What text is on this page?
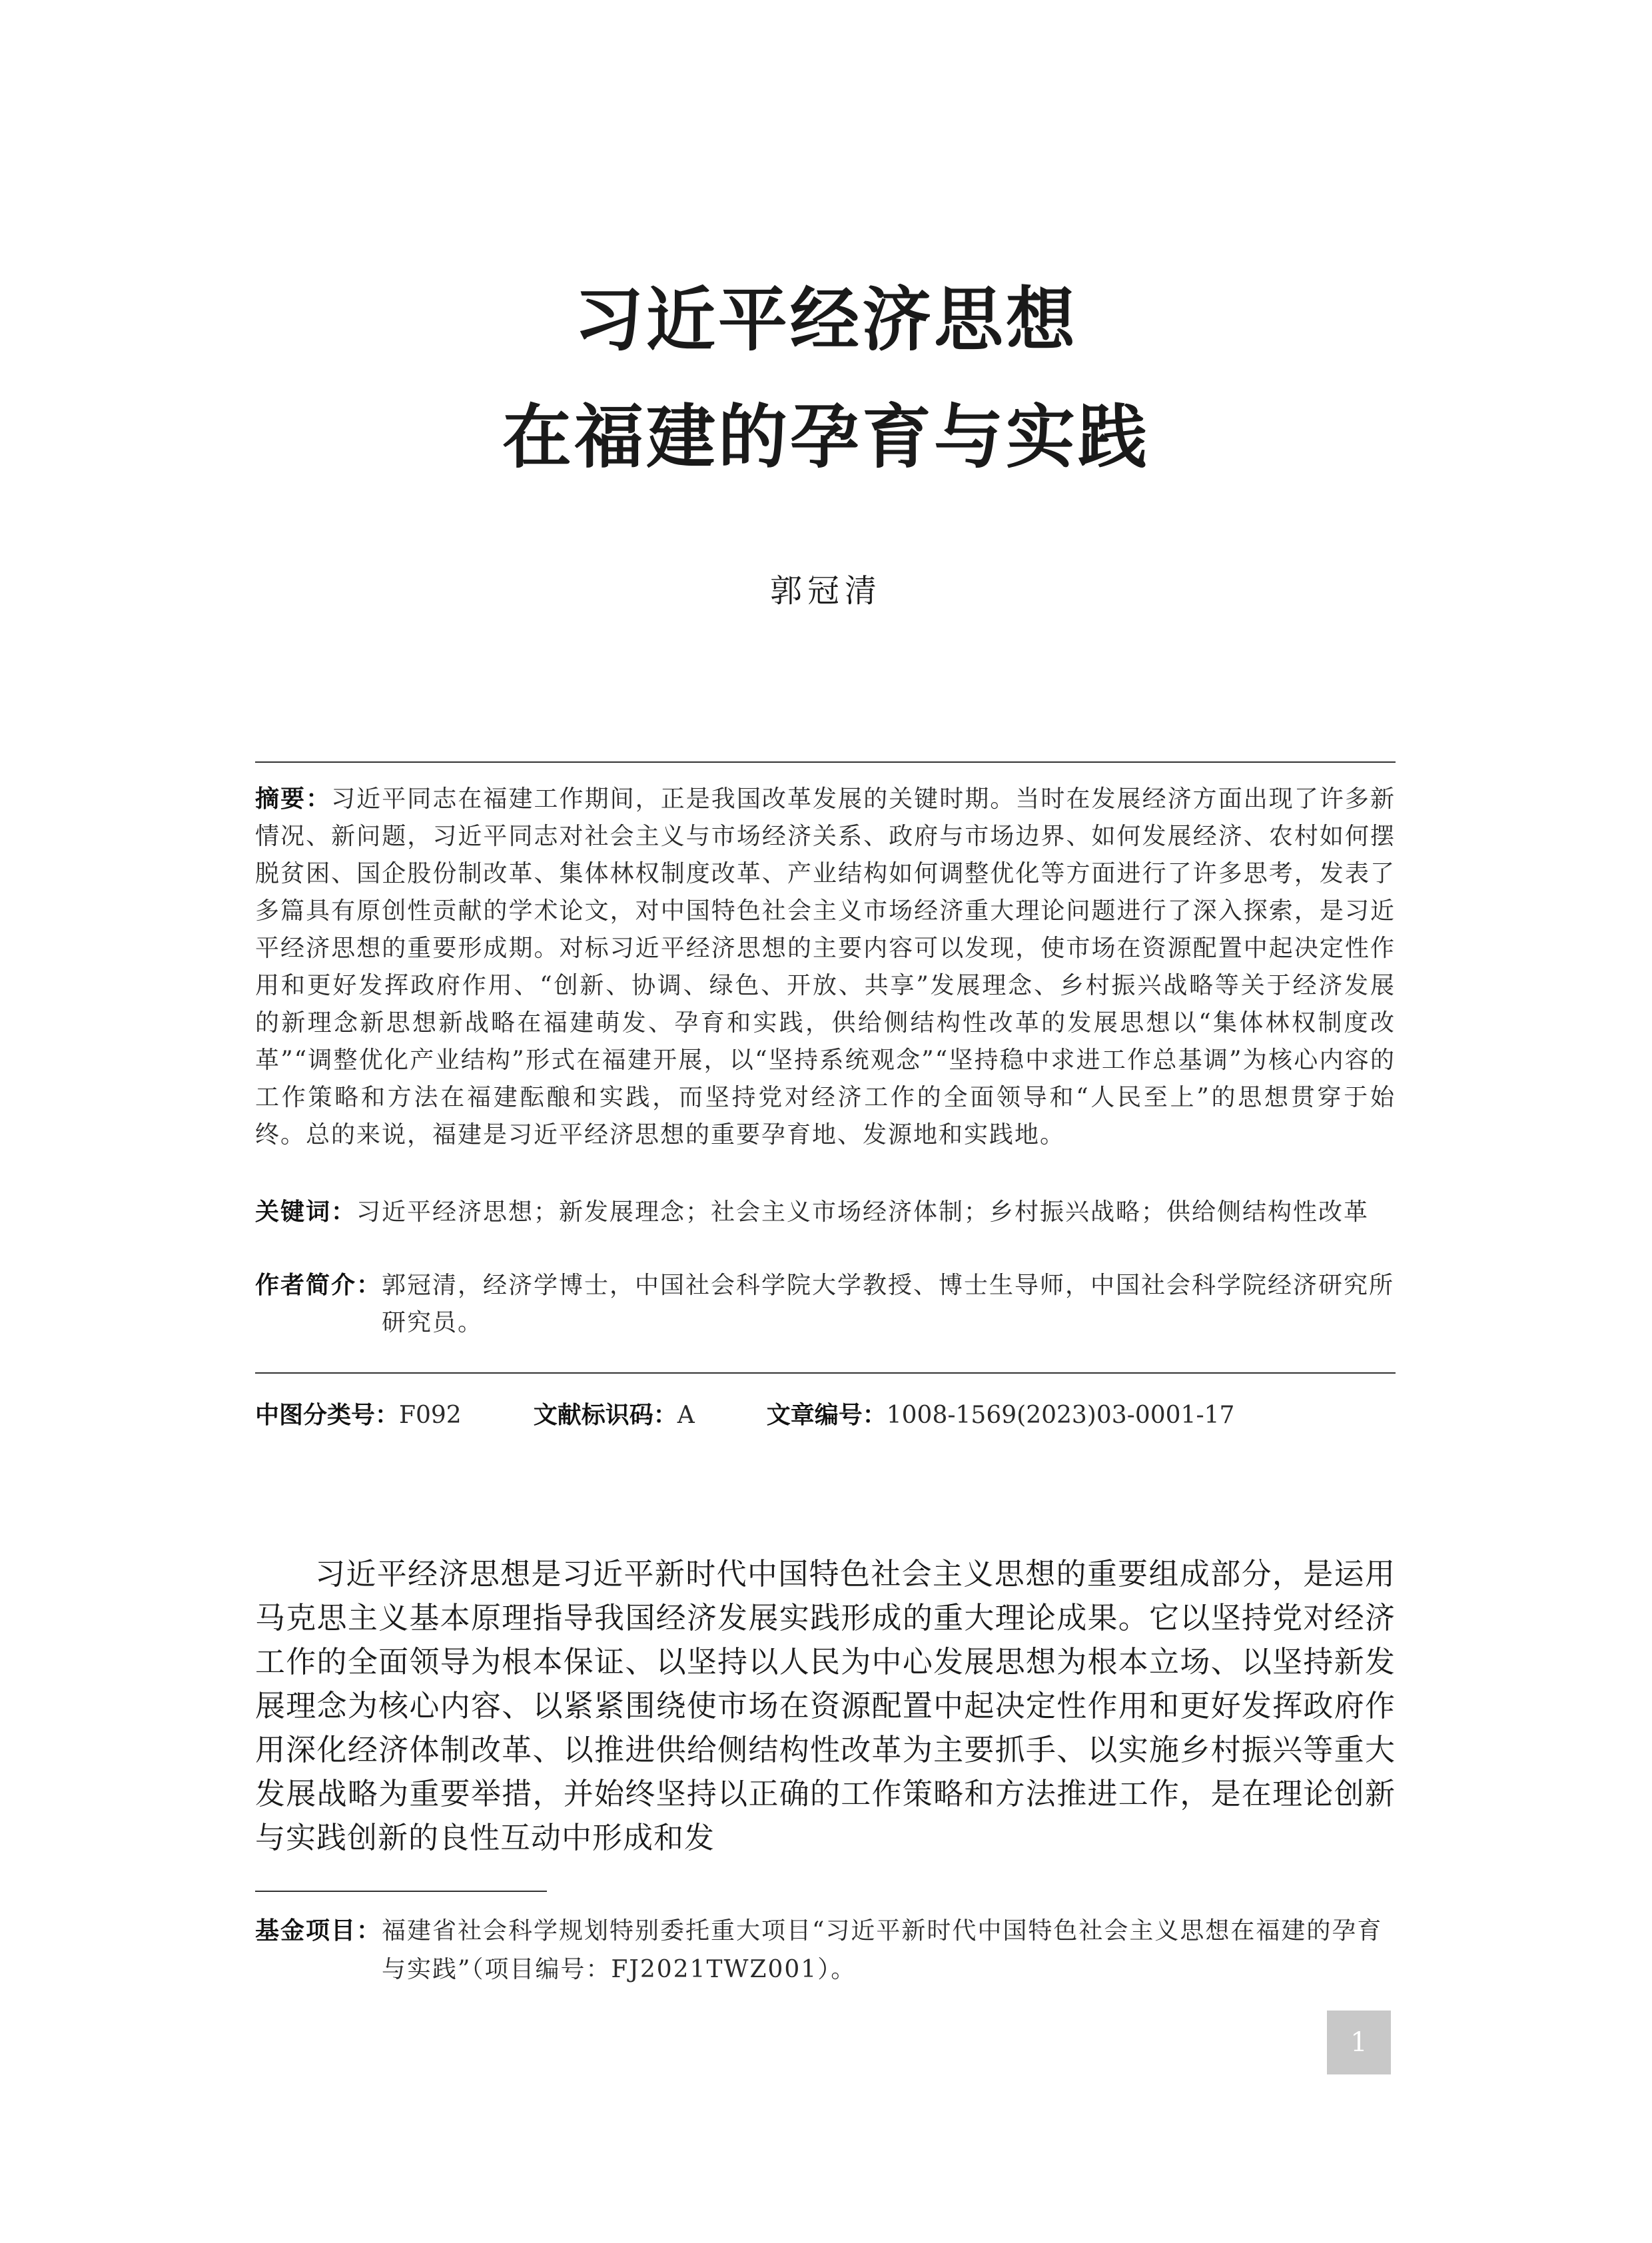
习近平经济思想
在福建的孕育与实践
郭冠清
摘要：习近平同志在福建工作期间，正是我国改革发展的关键时期。当时在发展经济方面出现了许多新情况、新问题，习近平同志对社会主义与市场经济关系、政府与市场边界、如何发展经济、农村如何摆脱贫困、国企股份制改革、集体林权制度改革、产业结构如何调整优化等方面进行了许多思考，发表了多篇具有原创性贡献的学术论文，对中国特色社会主义市场经济重大理论问题进行了深入探索，是习近平经济思想的重要形成期。对标习近平经济思想的主要内容可以发现，使市场在资源配置中起决定性作用和更好发挥政府作用、“创新、协调、绿色、开放、共享”发展理念、乡村振兴战略等关于经济发展的新理念新思想新战略在福建萌发、孕育和实践，供给侧结构性改革的发展思想以“集体林权制度改革”“调整优化产业结构”形式在福建开展，以“坚持系统观念”“坚持稳中求进工作总基调”为核心内容的工作策略和方法在福建酝酿和实践，而坚持党对经济工作的全面领导和“人民至上”的思想贯穿于始终。总的来说，福建是习近平经济思想的重要孕育地、发源地和实践地。
关键词：习近平经济思想；新发展理念；社会主义市场经济体制；乡村振兴战略；供给侧结构性改革
作者简介： 郭冠清，经济学博士，中国社会科学院大学教授、博士生导师，中国社会科学院经济研究所研究员。
中图分类号：F092	文献标识码：A	文章编号：1008-1569(2023)03-0001-17
习近平经济思想是习近平新时代中国特色社会主义思想的重要组成部分，是运用马克思主义基本原理指导我国经济发展实践形成的重大理论成果。它以坚持党对经济工作的全面领导为根本保证、以坚持以人民为中心发展思想为根本立场、以坚持新发展理念为核心内容、以紧紧围绕使市场在资源配置中起决定性作用和更好发挥政府作用深化经济体制改革、以推进供给侧结构性改革为主要抓手、以实施乡村振兴等重大发展战略为重要举措，并始终坚持以正确的工作策略和方法推进工作，是在理论创新与实践创新的良性互动中形成和发
基金项目： 福建省社会科学规划特别委托重大项目“习近平新时代中国特色社会主义思想在福建的孕育与实践”（项目编号：FJ2021TWZ001）。
1
